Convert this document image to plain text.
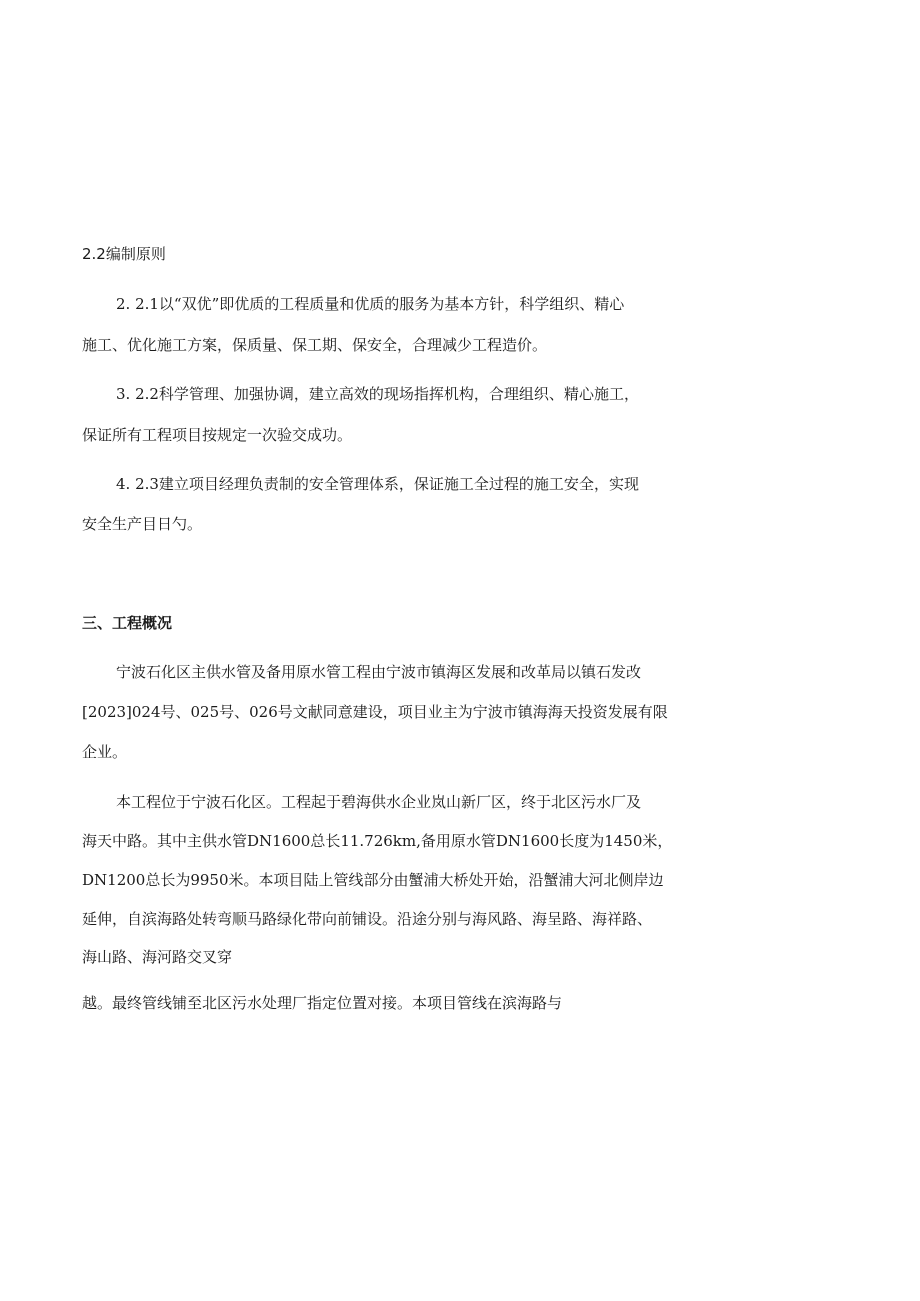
2.2编制原则
2. 2.1以“双优”即优质的工程质量和优质的服务为基本方针，科学组织、精心
施工、优化施工方案，保质量、保工期、保安全，合理减少工程造价。
3. 2.2科学管理、加强协调，建立高效的现场指挥机构，合理组织、精心施工，
保证所有工程项目按规定一次验交成功。
4. 2.3建立项目经理负责制的安全管理体系，保证施工全过程的施工安全，实现
安全生产目日勺。
三、工程概况
宁波石化区主供水管及备用原水管工程由宁波市镇海区发展和改革局以镇石发改
[2023]024号、025号、026号文献同意建设，项目业主为宁波市镇海海天投资发展有限
企业。
本工程位于宁波石化区。工程起于碧海供水企业岚山新厂区，终于北区污水厂及
海天中路。其中主供水管DN1600总长11.726km,备用原水管DN1600长度为1450米，
DN1200总长为9950米。本项目陆上管线部分由蟹浦大桥处开始，沿蟹浦大河北侧岸边
延伸，自滨海路处转弯顺马路绿化带向前铺设。沿途分别与海风路、海呈路、海祥路、
海山路、海河路交叉穿
越。最终管线铺至北区污水处理厂指定位置对接。本项目管线在滨海路与
